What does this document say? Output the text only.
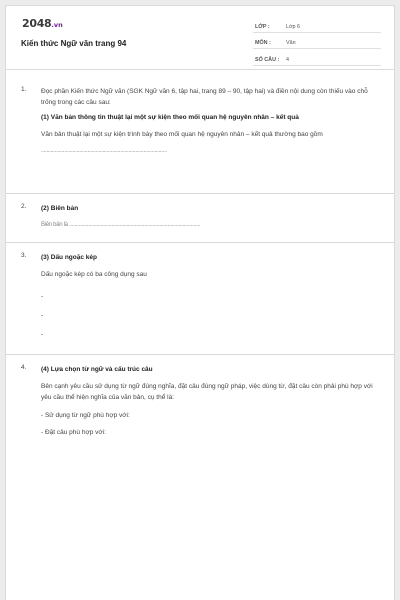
2048.vn
Kiến thức Ngữ văn trang 94
LỚP :	Lớp 6
MÔN :	Văn
SỐ CÂU :	4
1. Đọc phần Kiến thức Ngữ văn (SGK Ngữ văn 6, tập hai, trang 89 – 90, tập hai) và điền nội dung còn thiếu vào chỗ trống trong các câu sau:
(1) Văn bản thông tin thuật lại một sự kiện theo mối quan hệ nguyên nhân – kết quả
Văn bản thuật lại một sự kiện trình bày theo mối quan hệ nguyên nhân – kết quả thường bao gồm
............................................................................................
2. (2) Biên bản
Biên bản là ................................................................................................
3. (3) Dấu ngoặc kép
Dấu ngoặc kép có ba công dụng sau
-
-
-
4. (4) Lựa chọn từ ngữ và cấu trúc câu
Bên cạnh yêu cầu sử dụng từ ngữ đúng nghĩa, đặt câu đúng ngữ pháp, việc dùng từ, đặt câu còn phải phù hợp với yêu cầu thể hiện nghĩa của văn bản, cụ thể là:
- Sử dụng từ ngữ phù hợp với:
- Đặt câu phù hợp với:
